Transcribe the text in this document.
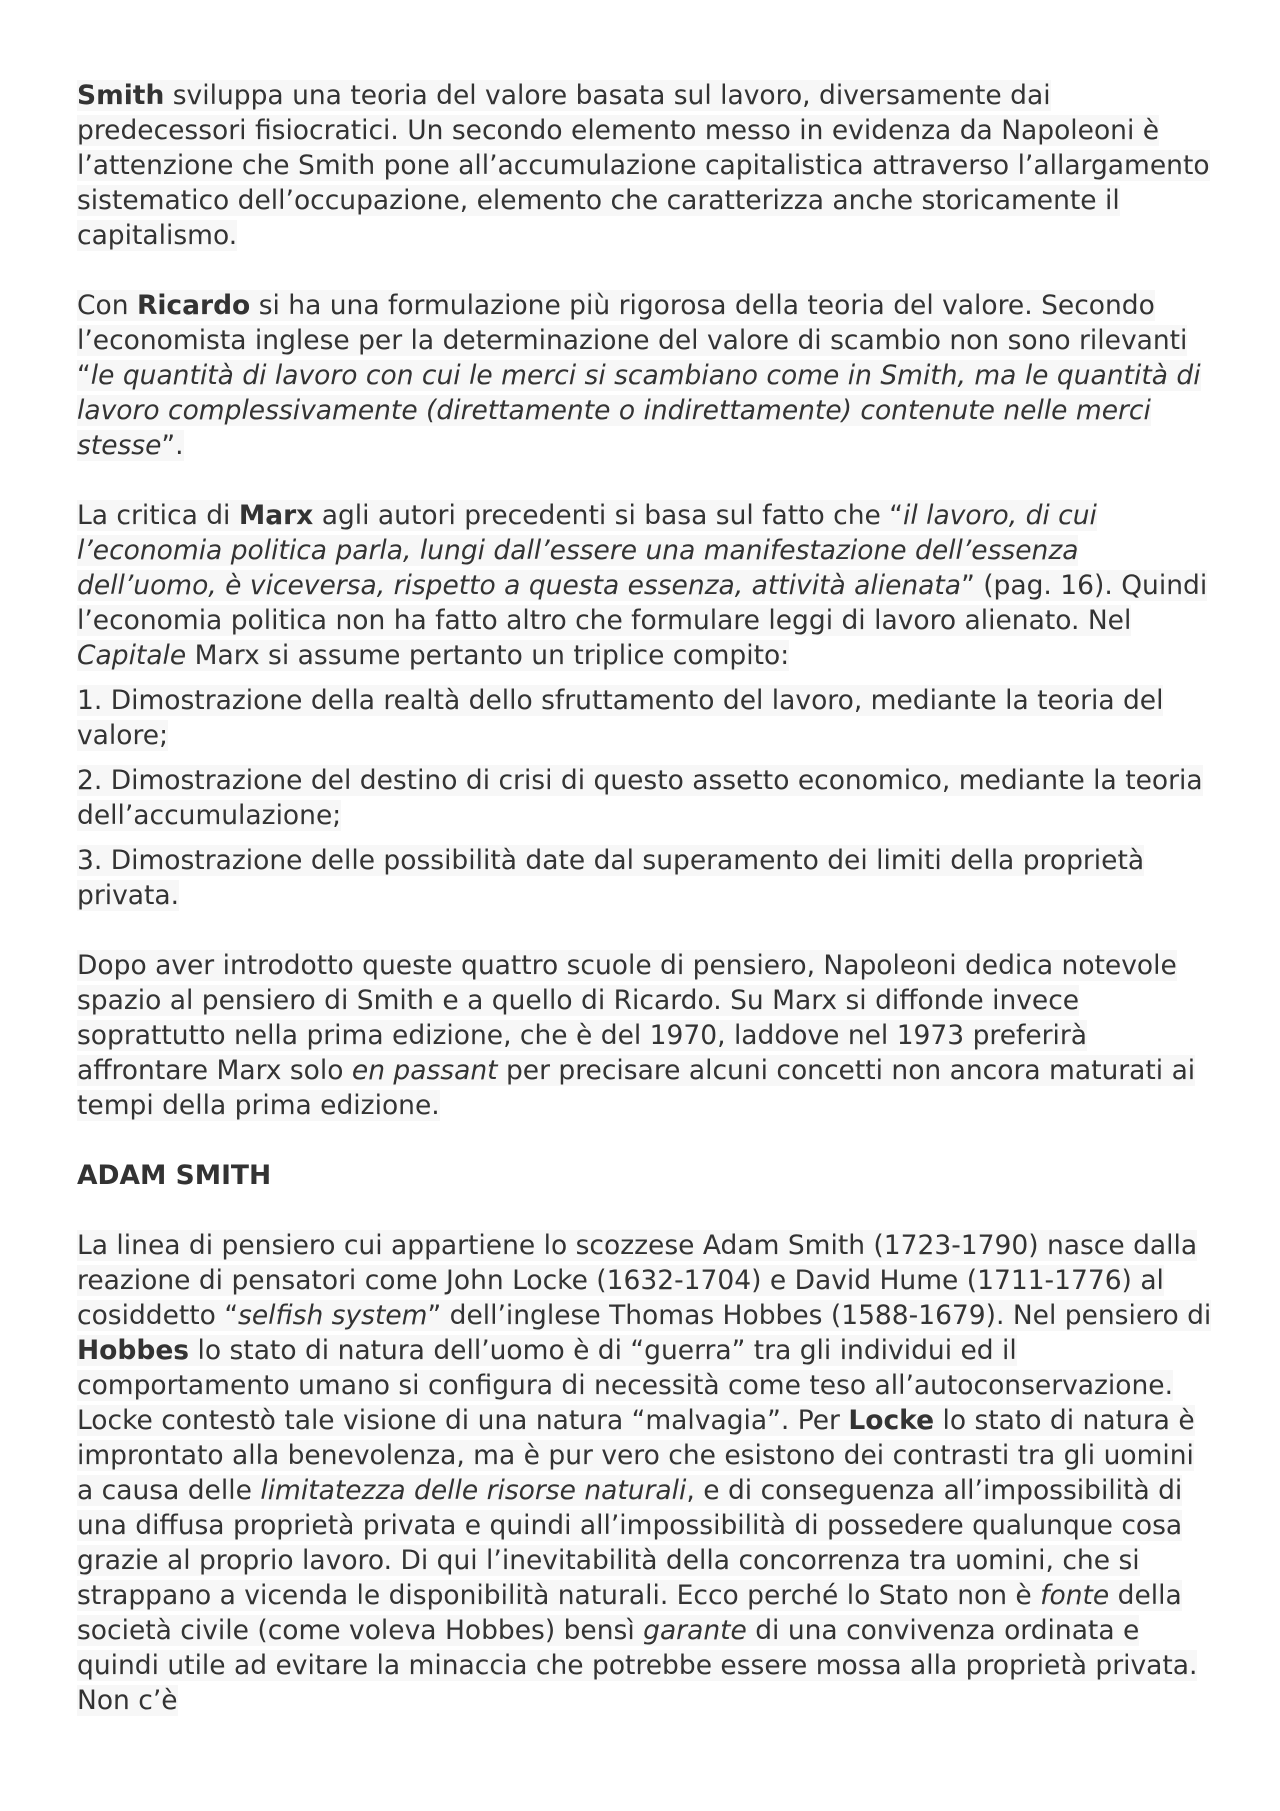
Smith sviluppa una teoria del valore basata sul lavoro, diversamente dai predecessori fisiocratici. Un secondo elemento messo in evidenza da Napoleoni è l’attenzione che Smith pone all’accumulazione capitalistica attraverso l’allargamento sistematico dell’occupazione, elemento che caratterizza anche storicamente il capitalismo.

Con Ricardo si ha una formulazione più rigorosa della teoria del valore. Secondo l’economista inglese per la determinazione del valore di scambio non sono rilevanti “le quantità di lavoro con cui le merci si scambiano come in Smith, ma le quantità di lavoro complessivamente (direttamente o indirettamente) contenute nelle merci stesse”.

La critica di Marx agli autori precedenti si basa sul fatto che “il lavoro, di cui l’economia politica parla, lungi dall’essere una manifestazione dell’essenza dell’uomo, è viceversa, rispetto a questa essenza, attività alienata” (pag. 16). Quindi l’economia politica non ha fatto altro che formulare leggi di lavoro alienato. Nel Capitale Marx si assume pertanto un triplice compito:

1. Dimostrazione della realtà dello sfruttamento del lavoro, mediante la teoria del valore;

2. Dimostrazione del destino di crisi di questo assetto economico, mediante la teoria dell’accumulazione;

3. Dimostrazione delle possibilità date dal superamento dei limiti della proprietà privata.

Dopo aver introdotto queste quattro scuole di pensiero, Napoleoni dedica notevole spazio al pensiero di Smith e a quello di Ricardo. Su Marx si diffonde invece soprattutto nella prima edizione, che è del 1970, laddove nel 1973 preferirà affrontare Marx solo en passant per precisare alcuni concetti non ancora maturati ai tempi della prima edizione.

ADAM SMITH

La linea di pensiero cui appartiene lo scozzese Adam Smith (1723-1790) nasce dalla reazione di pensatori come John Locke (1632-1704) e David Hume (1711-1776) al cosiddetto “selfish system” dell’inglese Thomas Hobbes (1588-1679). Nel pensiero di Hobbes lo stato di natura dell’uomo è di “guerra” tra gli individui ed il comportamento umano si configura di necessità come teso all’autoconservazione. Locke contestò tale visione di una natura “malvagia”. Per Locke lo stato di natura è improntato alla benevolenza, ma è pur vero che esistono dei contrasti tra gli uomini a causa delle limitatezza delle risorse naturali, e di conseguenza all’impossibilità di una diffusa proprietà privata e quindi all’impossibilità di possedere qualunque cosa grazie al proprio lavoro. Di qui l’inevitabilità della concorrenza tra uomini, che si strappano a vicenda le disponibilità naturali. Ecco perché lo Stato non è fonte della società civile (come voleva Hobbes) bensì garante di una convivenza ordinata e quindi utile ad evitare la minaccia che potrebbe essere mossa alla proprietà privata. Non c’è
